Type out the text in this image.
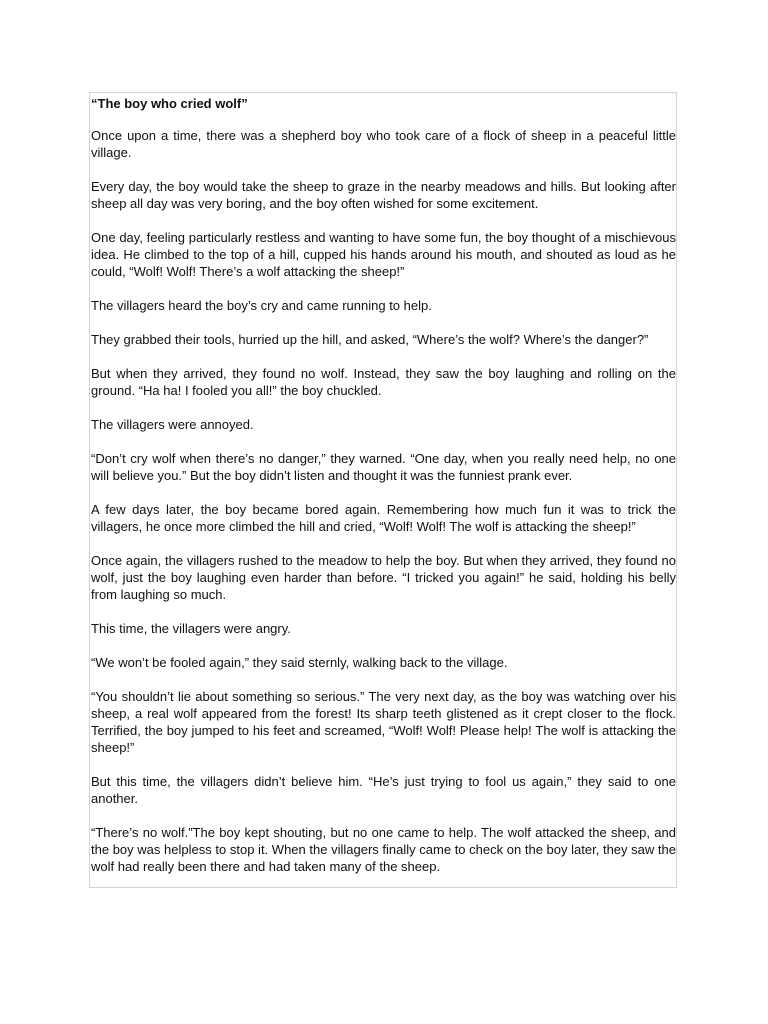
“The boy who cried wolf”

Once upon a time, there was a shepherd boy who took care of a flock of sheep in a peaceful little village.

Every day, the boy would take the sheep to graze in the nearby meadows and hills. But looking after sheep all day was very boring, and the boy often wished for some excitement.

One day, feeling particularly restless and wanting to have some fun, the boy thought of a mischievous idea. He climbed to the top of a hill, cupped his hands around his mouth, and shouted as loud as he could, “Wolf! Wolf! There’s a wolf attacking the sheep!”

The villagers heard the boy’s cry and came running to help.

They grabbed their tools, hurried up the hill, and asked, “Where’s the wolf? Where’s the danger?”

But when they arrived, they found no wolf. Instead, they saw the boy laughing and rolling on the ground. “Ha ha! I fooled you all!” the boy chuckled.

The villagers were annoyed.

“Don’t cry wolf when there’s no danger,” they warned. “One day, when you really need help, no one will believe you.” But the boy didn’t listen and thought it was the funniest prank ever.

A few days later, the boy became bored again. Remembering how much fun it was to trick the villagers, he once more climbed the hill and cried, “Wolf! Wolf! The wolf is attacking the sheep!”

Once again, the villagers rushed to the meadow to help the boy. But when they arrived, they found no wolf, just the boy laughing even harder than before. “I tricked you again!” he said, holding his belly from laughing so much.

This time, the villagers were angry.

“We won’t be fooled again,” they said sternly, walking back to the village.

“You shouldn’t lie about something so serious.” The very next day, as the boy was watching over his sheep, a real wolf appeared from the forest! Its sharp teeth glistened as it crept closer to the flock. Terrified, the boy jumped to his feet and screamed, “Wolf! Wolf! Please help! The wolf is attacking the sheep!”

But this time, the villagers didn’t believe him. “He’s just trying to fool us again,” they said to one another.

“There’s no wolf.”The boy kept shouting, but no one came to help. The wolf attacked the sheep, and the boy was helpless to stop it. When the villagers finally came to check on the boy later, they saw the wolf had really been there and had taken many of the sheep.
